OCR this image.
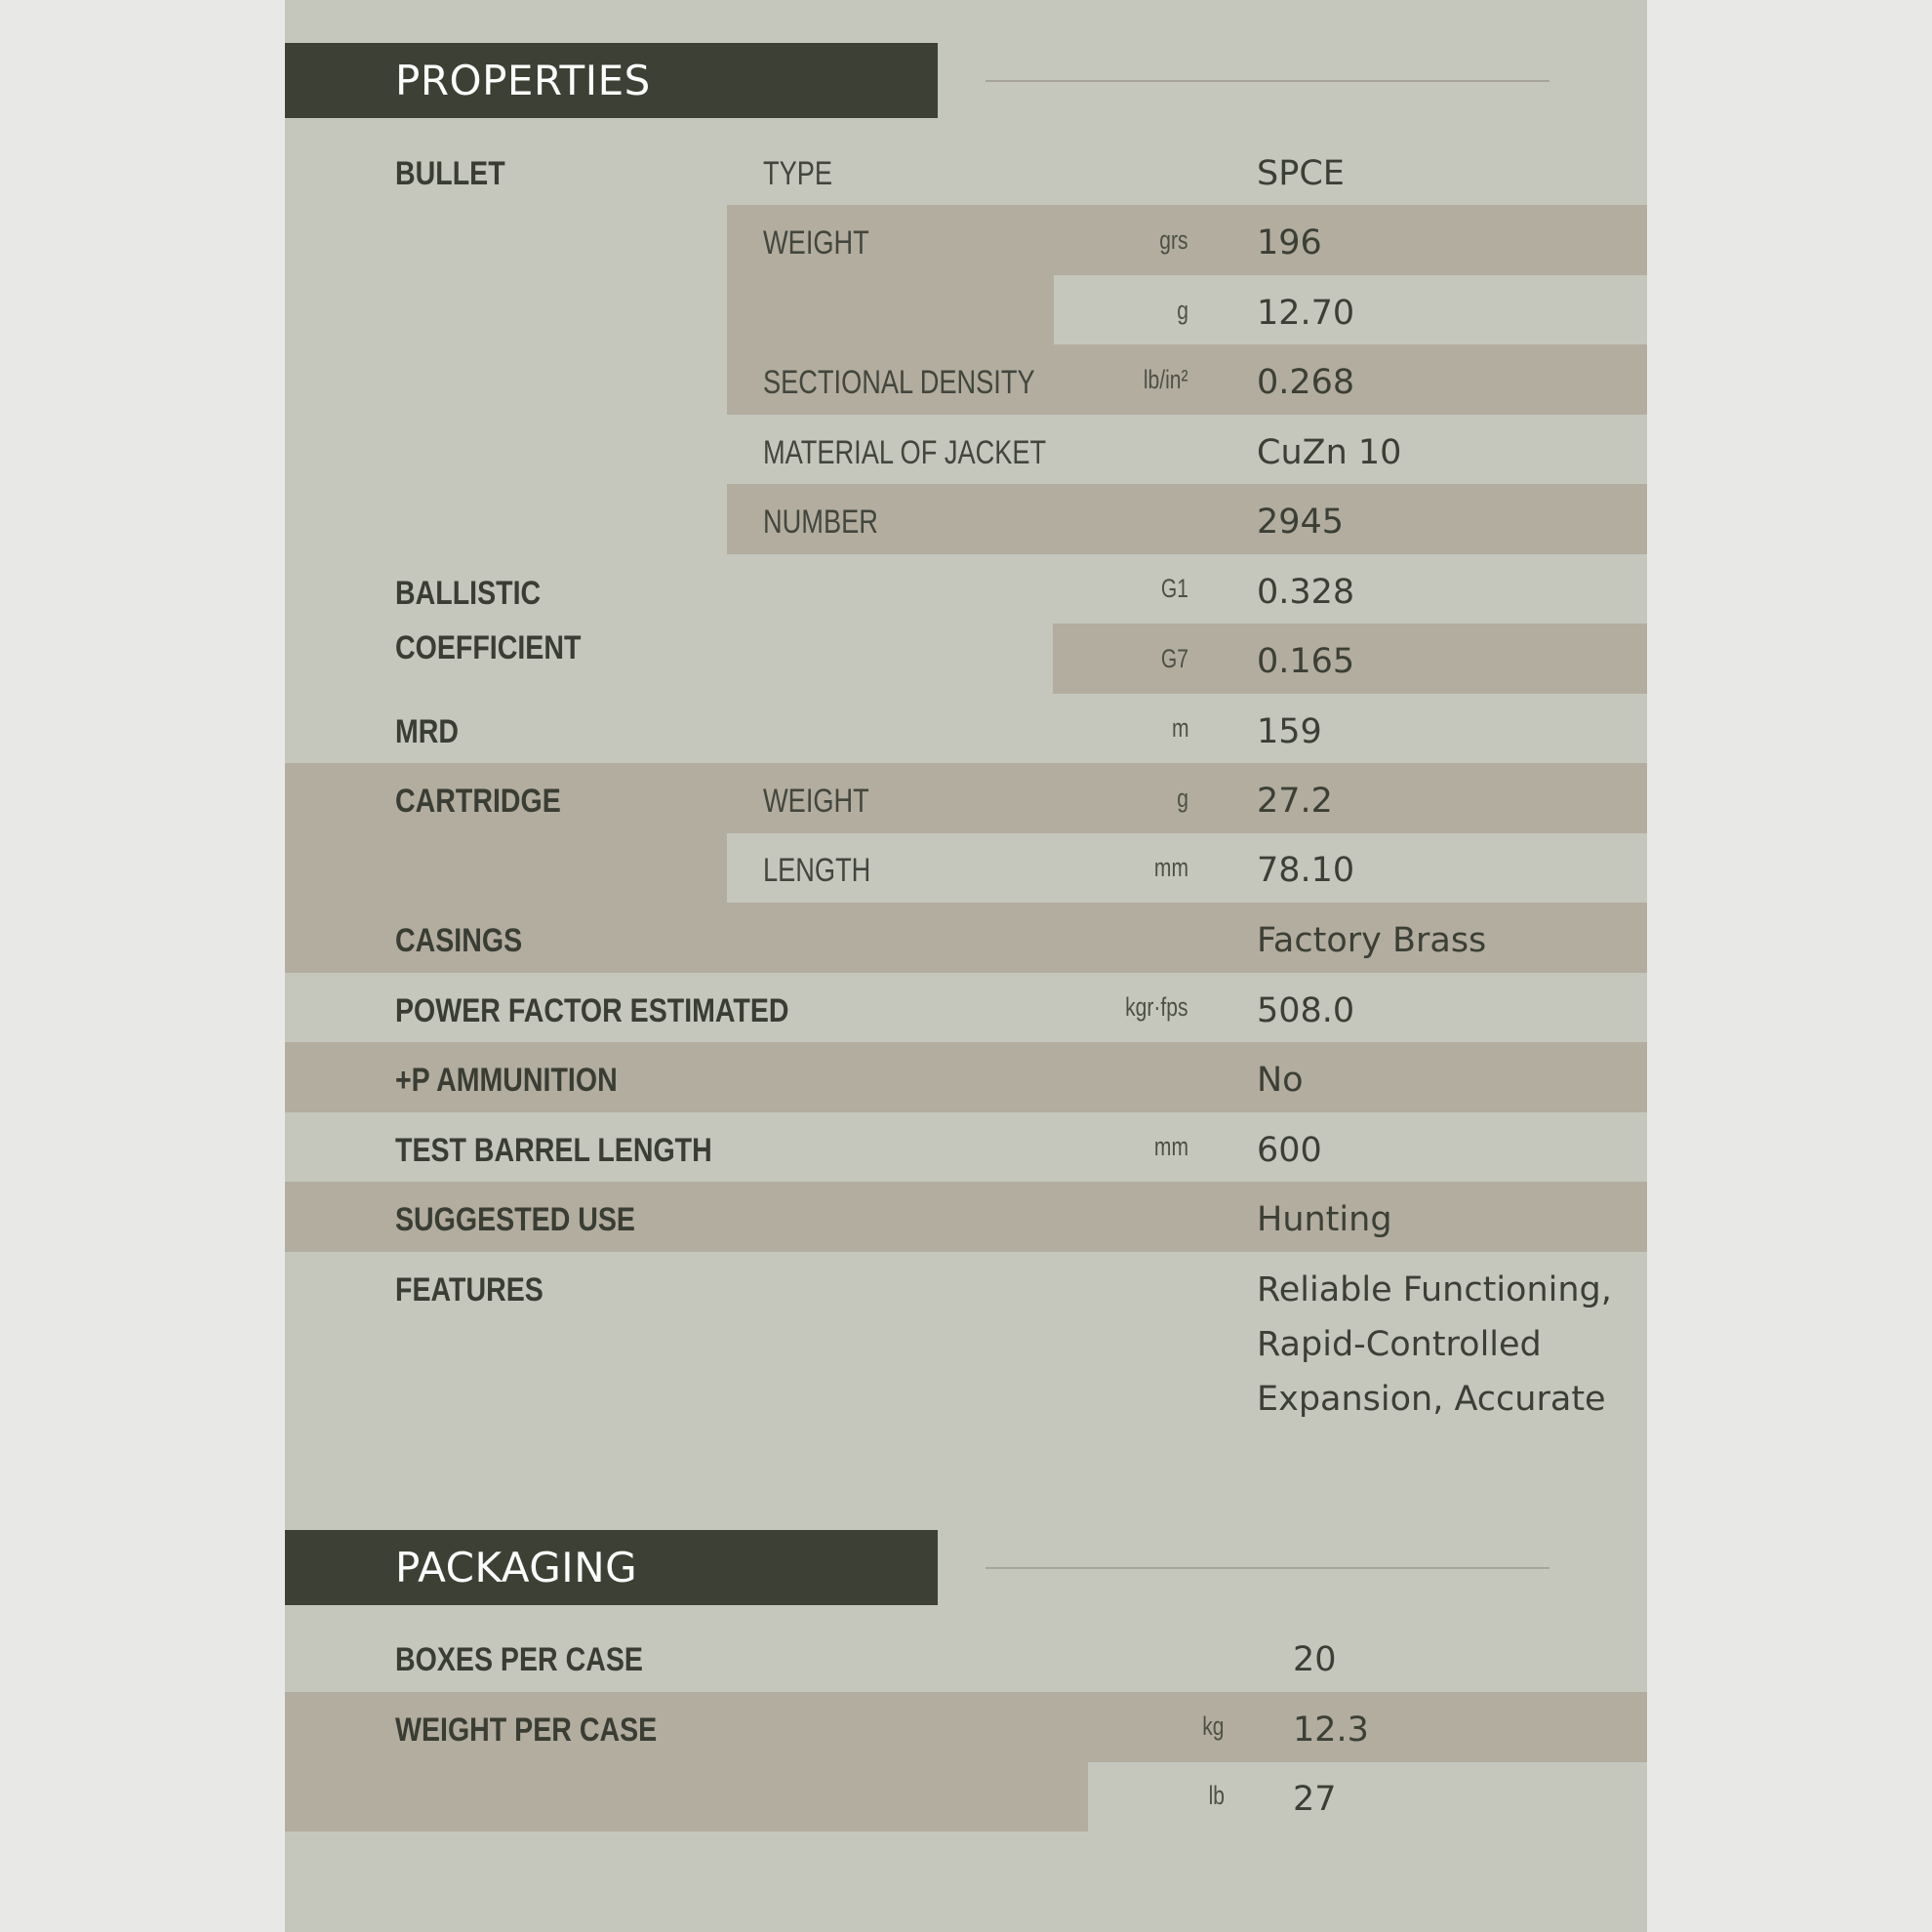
PROPERTIES
BULLET	TYPE	SPCE
WEIGHT	grs 196
g 12.70
SECTIONAL DENSITY	lb/in² 0.268
MATERIAL OF JACKET	CuZn 10
NUMBER	2945
BALLISTIC
COEFFICIENT
G1 0.328
G7 0.165
MRD	m 159
CARTRIDGE	WEIGHT	g 27.2
LENGTH	mm 78.10
CASINGS	Factory Brass
POWER FACTOR ESTIMATED	kgr·fps 508.0
+P AMMUNITION	No
TEST BARREL LENGTH	mm 600
SUGGESTED USE	Hunting
FEATURES	Reliable Functioning, Rapid-Controlled Expansion, Accurate
PACKAGING
BOXES PER CASE	20
WEIGHT PER CASE	kg 12.3
lb 27
